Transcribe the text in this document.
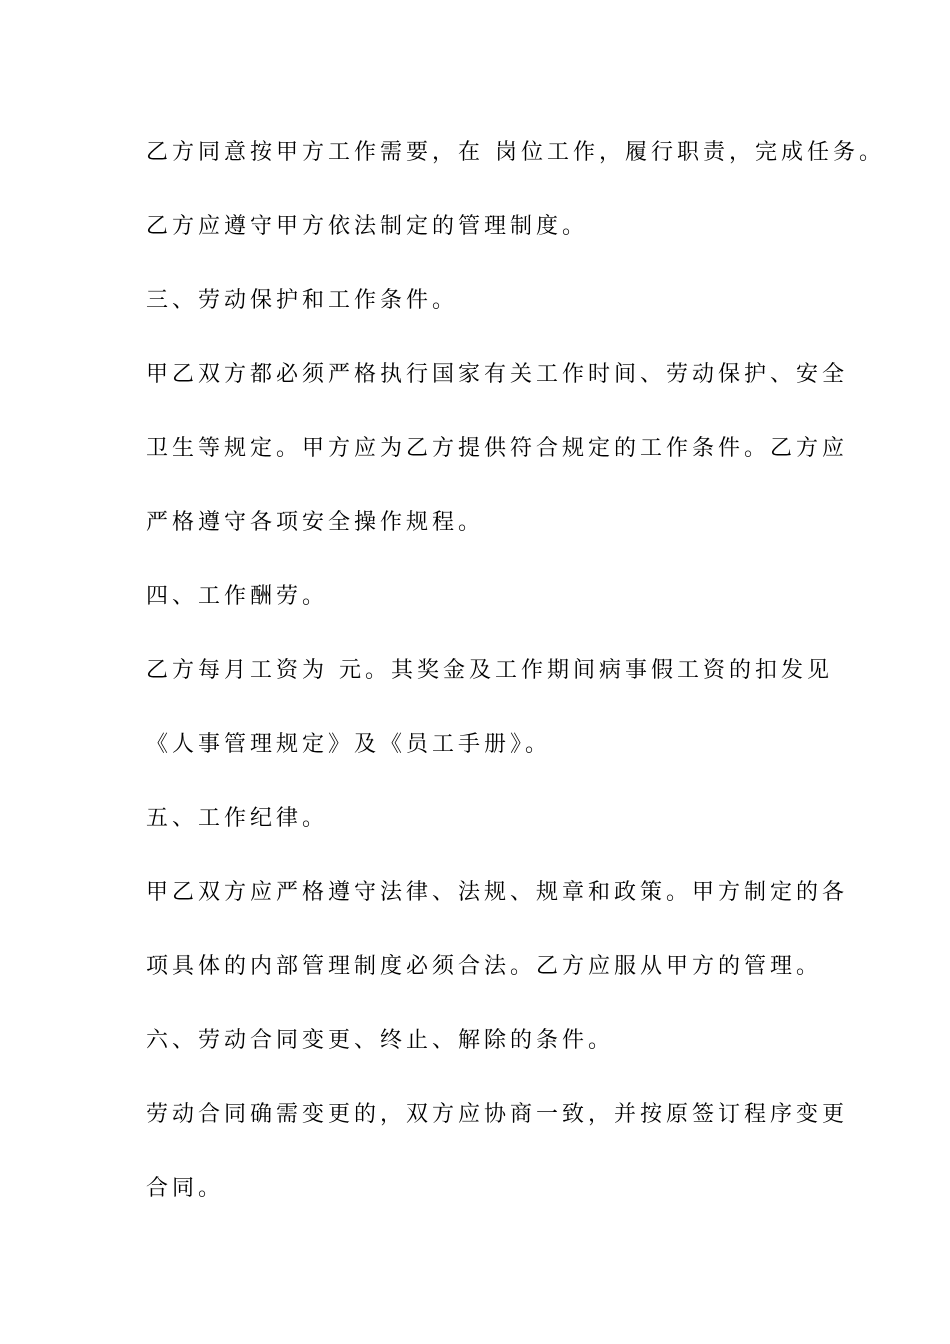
乙方同意按甲方工作需要，在 岗位工作，履行职责，完成任务。

乙方应遵守甲方依法制定的管理制度。

三、劳动保护和工作条件。

甲乙双方都必须严格执行国家有关工作时间、劳动保护、安全

卫生等规定。甲方应为乙方提供符合规定的工作条件。乙方应

严格遵守各项安全操作规程。

四、工作酬劳。

乙方每月工资为 元。其奖金及工作期间病事假工资的扣发见

《人事管理规定》及《员工手册》。

五、工作纪律。

甲乙双方应严格遵守法律、法规、规章和政策。甲方制定的各

项具体的内部管理制度必须合法。乙方应服从甲方的管理。

六、劳动合同变更、终止、解除的条件。

劳动合同确需变更的，双方应协商一致，并按原签订程序变更

合同。
